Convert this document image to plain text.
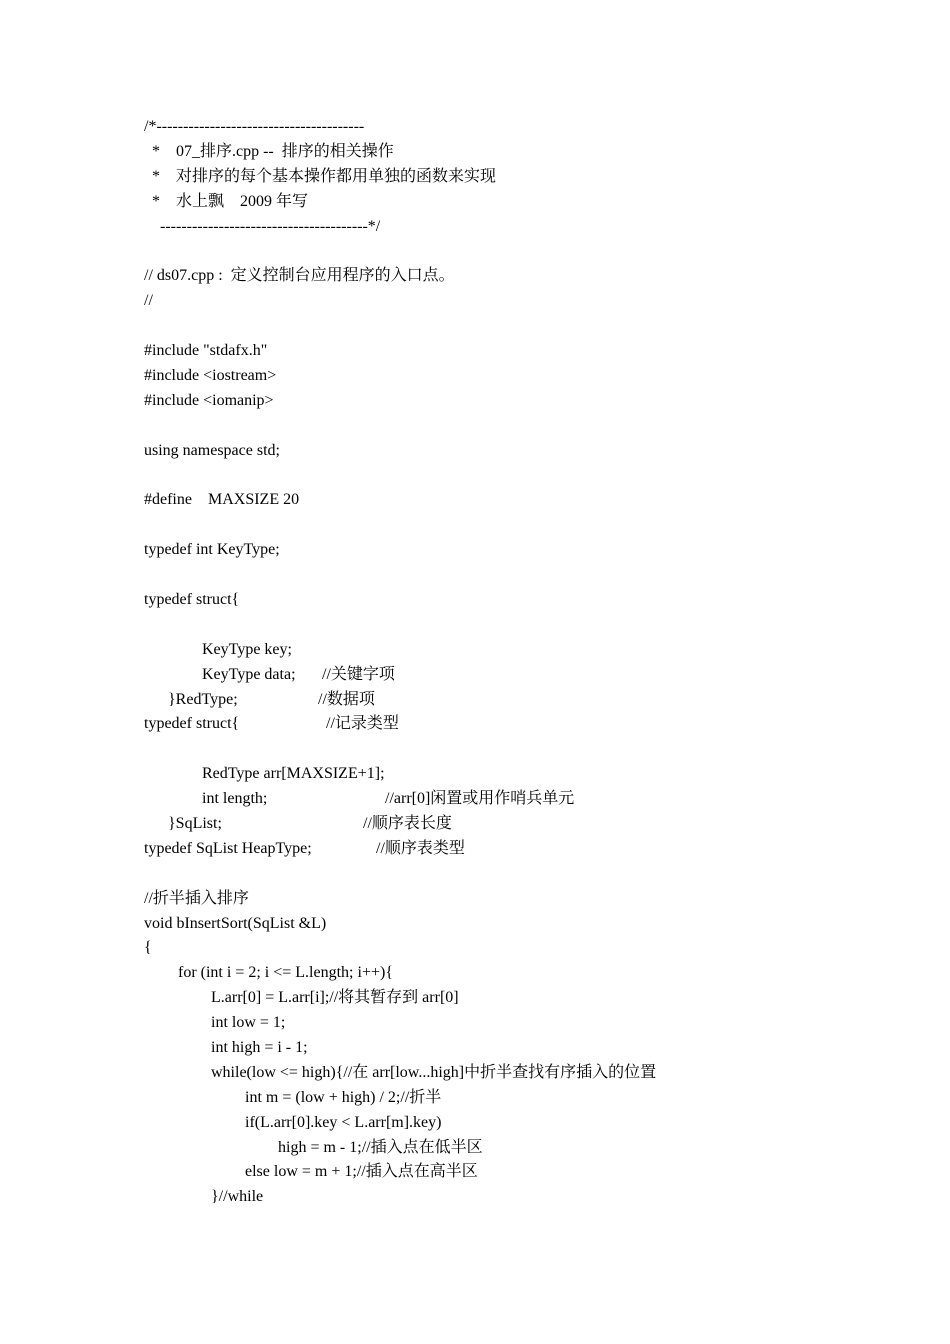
/*---------------------------------------
*    07_排序.cpp --  排序的相关操作
*    对排序的每个基本操作都用单独的函数来实现
*    水上飘    2009 年写
---------------------------------------*/
// ds07.cpp :  定义控制台应用程序的入口点。
//
#include "stdafx.h"
#include <iostream>
#include <iomanip>
using namespace std;
#define    MAXSIZE 20
typedef int KeyType;
typedef struct{

KeyType key;

//关键字项

KeyType data;

//数据项

}RedType;

//记录类型

typedef struct{

RedType arr[MAXSIZE+1];

//arr[0]闲置或用作哨兵单元

int length;

//顺序表长度

}SqList;

//顺序表类型

typedef SqList HeapType;
//折半插入排序
void bInsertSort(SqList &L)
{
for (int i = 2; i <= L.length; i++){
L.arr[0] = L.arr[i];//将其暂存到 arr[0]
int low = 1;
int high = i - 1;
while(low <= high){//在 arr[low...high]中折半查找有序插入的位置
int m = (low + high) / 2;//折半
if(L.arr[0].key < L.arr[m].key)
high = m - 1;//插入点在低半区
else low = m + 1;//插入点在高半区
}//while
